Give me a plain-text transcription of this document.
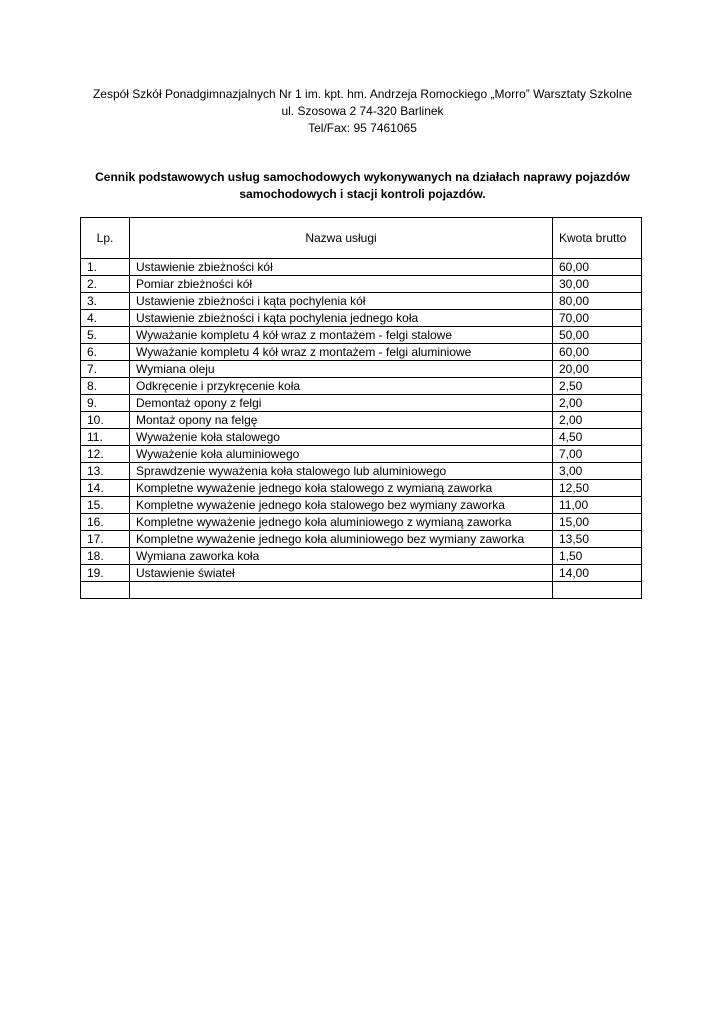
Zespół Szkół Ponadgimnazjalnych Nr 1 im. kpt. hm. Andrzeja Romockiego „Morro” Warsztaty Szkolne
ul. Szosowa 2 74-320 Barlinek
Tel/Fax: 95 7461065
Cennik podstawowych usług samochodowych wykonywanych na działach naprawy pojazdów
samochodowych i stacji kontroli pojazdów.
Lp.	Nazwa usługi	Kwota brutto
1.	Ustawienie zbieżności kół	60,00
2.	Pomiar zbieżności kół	30,00
3.	Ustawienie zbieżności i kąta pochylenia kół	80,00
4.	Ustawienie zbieżności i kąta pochylenia jednego koła	70,00
5.	Wyważanie kompletu 4 kół wraz z montażem - felgi stalowe	50,00
6.	Wyważanie kompletu 4 kół wraz z montażem - felgi aluminiowe	60,00
7.	Wymiana oleju	20,00
8.	Odkręcenie i przykręcenie koła	2,50
9.	Demontaż opony z felgi	2,00
10.	Montaż opony na felgę	2,00
11.	Wyważenie koła stalowego	4,50
12.	Wyważenie koła aluminiowego	7,00
13.	Sprawdzenie wyważenia koła stalowego lub aluminiowego	3,00
14.	Kompletne wyważenie jednego koła stalowego z wymianą zaworka	12,50
15.	Kompletne wyważenie jednego koła stalowego bez wymiany zaworka	11,00
16.	Kompletne wyważenie jednego koła aluminiowego z wymianą zaworka	15,00
17.	Kompletne wyważenie jednego koła aluminiowego bez wymiany zaworka	13,50
18.	Wymiana zaworka koła	1,50
19.	Ustawienie świateł	14,00
